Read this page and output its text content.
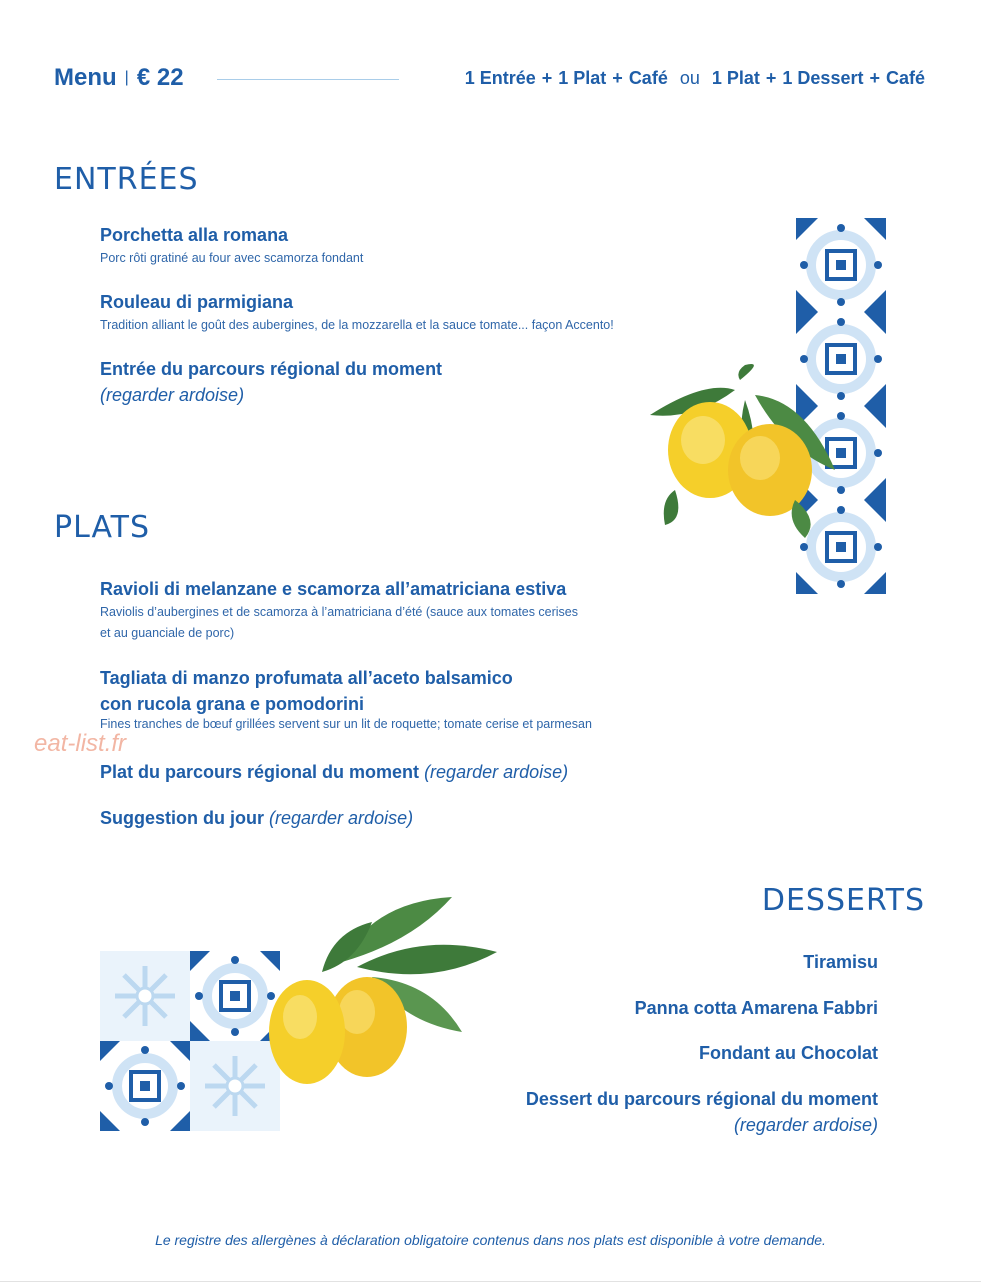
Menu | € 22	1 Entrée + 1 Plat + Café ou 1 Plat + 1 Dessert + Café
ENTRÉES
Porchetta alla romana
Porc rôti gratiné au four avec scamorza fondant
Rouleau di parmigiana
Tradition alliant le goût des aubergines, de la mozzarella et la sauce tomate... façon Accento!
Entrée du parcours régional du moment
(regarder ardoise)
PLATS
Ravioli di melanzane e scamorza all’amatriciana estiva
Raviolis d’aubergines et de scamorza à l’amatriciana d’été (sauce aux tomates cerises
et au guanciale de porc)
Tagliata di manzo profumata all’aceto balsamico
con rucola grana e pomodorini
Fines tranches de bœuf grillées servent sur un lit de roquette; tomate cerise et parmesan
Plat du parcours régional du moment (regarder ardoise)
Suggestion du jour (regarder ardoise)
eat-list.fr
DESSERTS
Tiramisu
Panna cotta Amarena Fabbri
Fondant au Chocolat
Dessert du parcours régional du moment
(regarder ardoise)
Le registre des allergènes à déclaration obligatoire contenus dans nos plats est disponible à votre demande.
